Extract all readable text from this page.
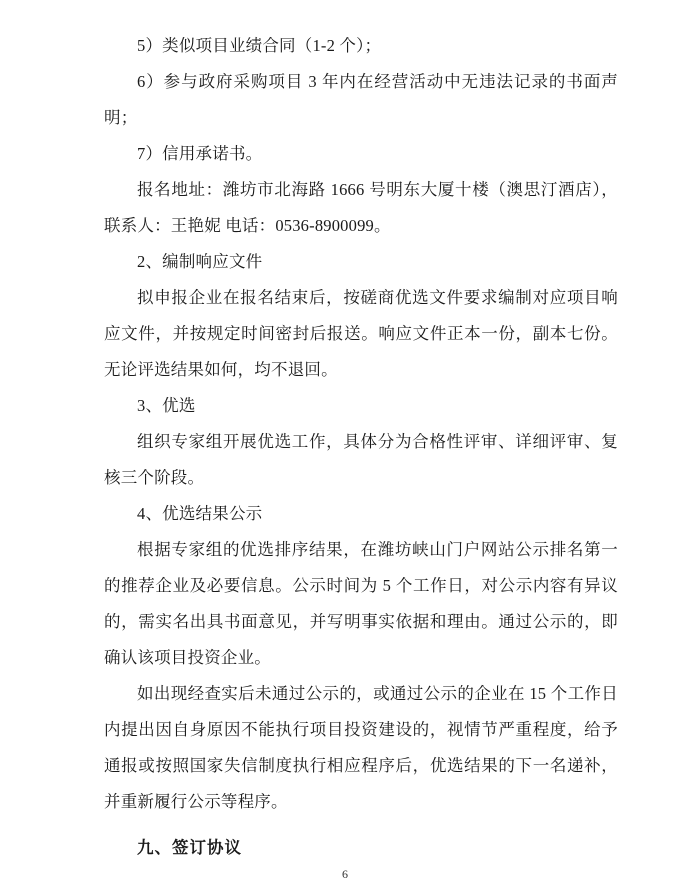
5）类似项目业绩合同（1-2 个）；

6）参与政府采购项目 3 年内在经营活动中无违法记录的书面声明；

7）信用承诺书。

报名地址：潍坊市北海路 1666 号明东大厦十楼（澳思汀酒店），联系人：王艳妮 电话：0536-8900099。

2、编制响应文件

拟申报企业在报名结束后，按磋商优选文件要求编制对应项目响应文件，并按规定时间密封后报送。响应文件正本一份，副本七份。无论评选结果如何，均不退回。

3、优选

组织专家组开展优选工作，具体分为合格性评审、详细评审、复核三个阶段。

4、优选结果公示

根据专家组的优选排序结果，在潍坊峡山门户网站公示排名第一的推荐企业及必要信息。公示时间为 5 个工作日，对公示内容有异议的，需实名出具书面意见，并写明事实依据和理由。通过公示的，即确认该项目投资企业。

如出现经查实后未通过公示的，或通过公示的企业在 15 个工作日内提出因自身原因不能执行项目投资建设的，视情节严重程度，给予通报或按照国家失信制度执行相应程序后，优选结果的下一名递补，并重新履行公示等程序。

九、签订协议

6
